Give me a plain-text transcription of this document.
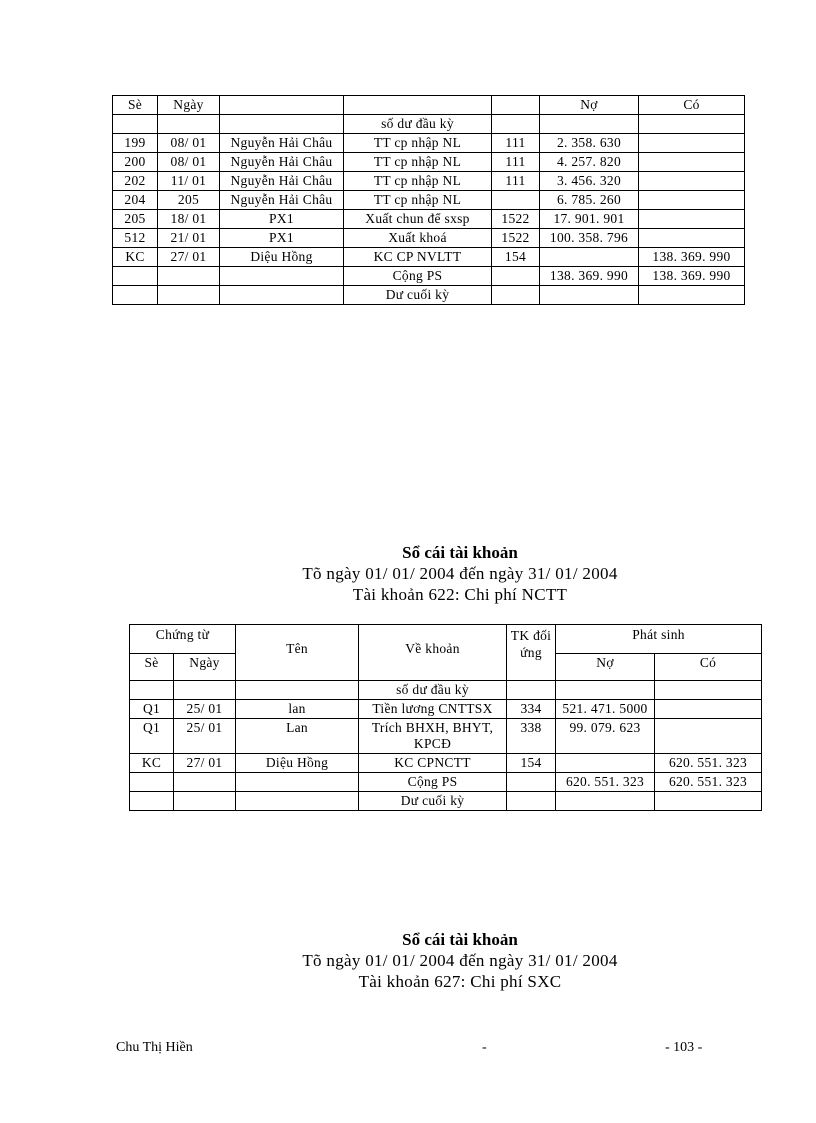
Sè	Ngày				Nợ	Có
			số dư đầu kỳ			
199	08/ 01	Nguyễn Hải Châu	TT cp nhập NL	111	2. 358. 630	
200	08/ 01	Nguyễn Hải Châu	TT cp nhập NL	111	4. 257. 820	
202	11/ 01	Nguyễn Hải Châu	TT cp nhập NL	111	3. 456. 320	
204	205	Nguyễn Hải Châu	TT cp nhập NL		6. 785. 260	
205	18/ 01	PX1	Xuất chun để sxsp	1522	17. 901. 901	
512	21/ 01	PX1	Xuất khoá	1522	100. 358. 796	
KC	27/ 01	Diệu Hồng	KC CP NVLTT	154		138. 369. 990
			Cộng PS		138. 369. 990	138. 369. 990
			Dư cuối kỳ			
Sổ cái tài khoản
Tõ ngày 01/ 01/ 2004 đến ngày 31/ 01/ 2004
Tài khoản 622: Chi phí NCTT
Chứng từ		Tên	Về khoản	TK đối ứng	Phát sinh	
Sè	Ngày				Nợ	Có
			số dư đầu kỳ			
Q1	25/ 01	lan	Tiền lương CNTTSX	334	521. 471. 5000	
Q1	25/ 01	Lan	Trích BHXH, BHYT, KPCĐ	338	99. 079. 623	
KC	27/ 01	Diệu Hồng	KC CPNCTT	154		620. 551. 323
			Cộng PS		620. 551. 323	620. 551. 323
			Dư cuối kỳ			
Sổ cái tài khoản
Tõ ngày 01/ 01/ 2004 đến ngày 31/ 01/ 2004
Tài khoản 627: Chi phí SXC
Chu Thị Hiền	-	- 103 -
